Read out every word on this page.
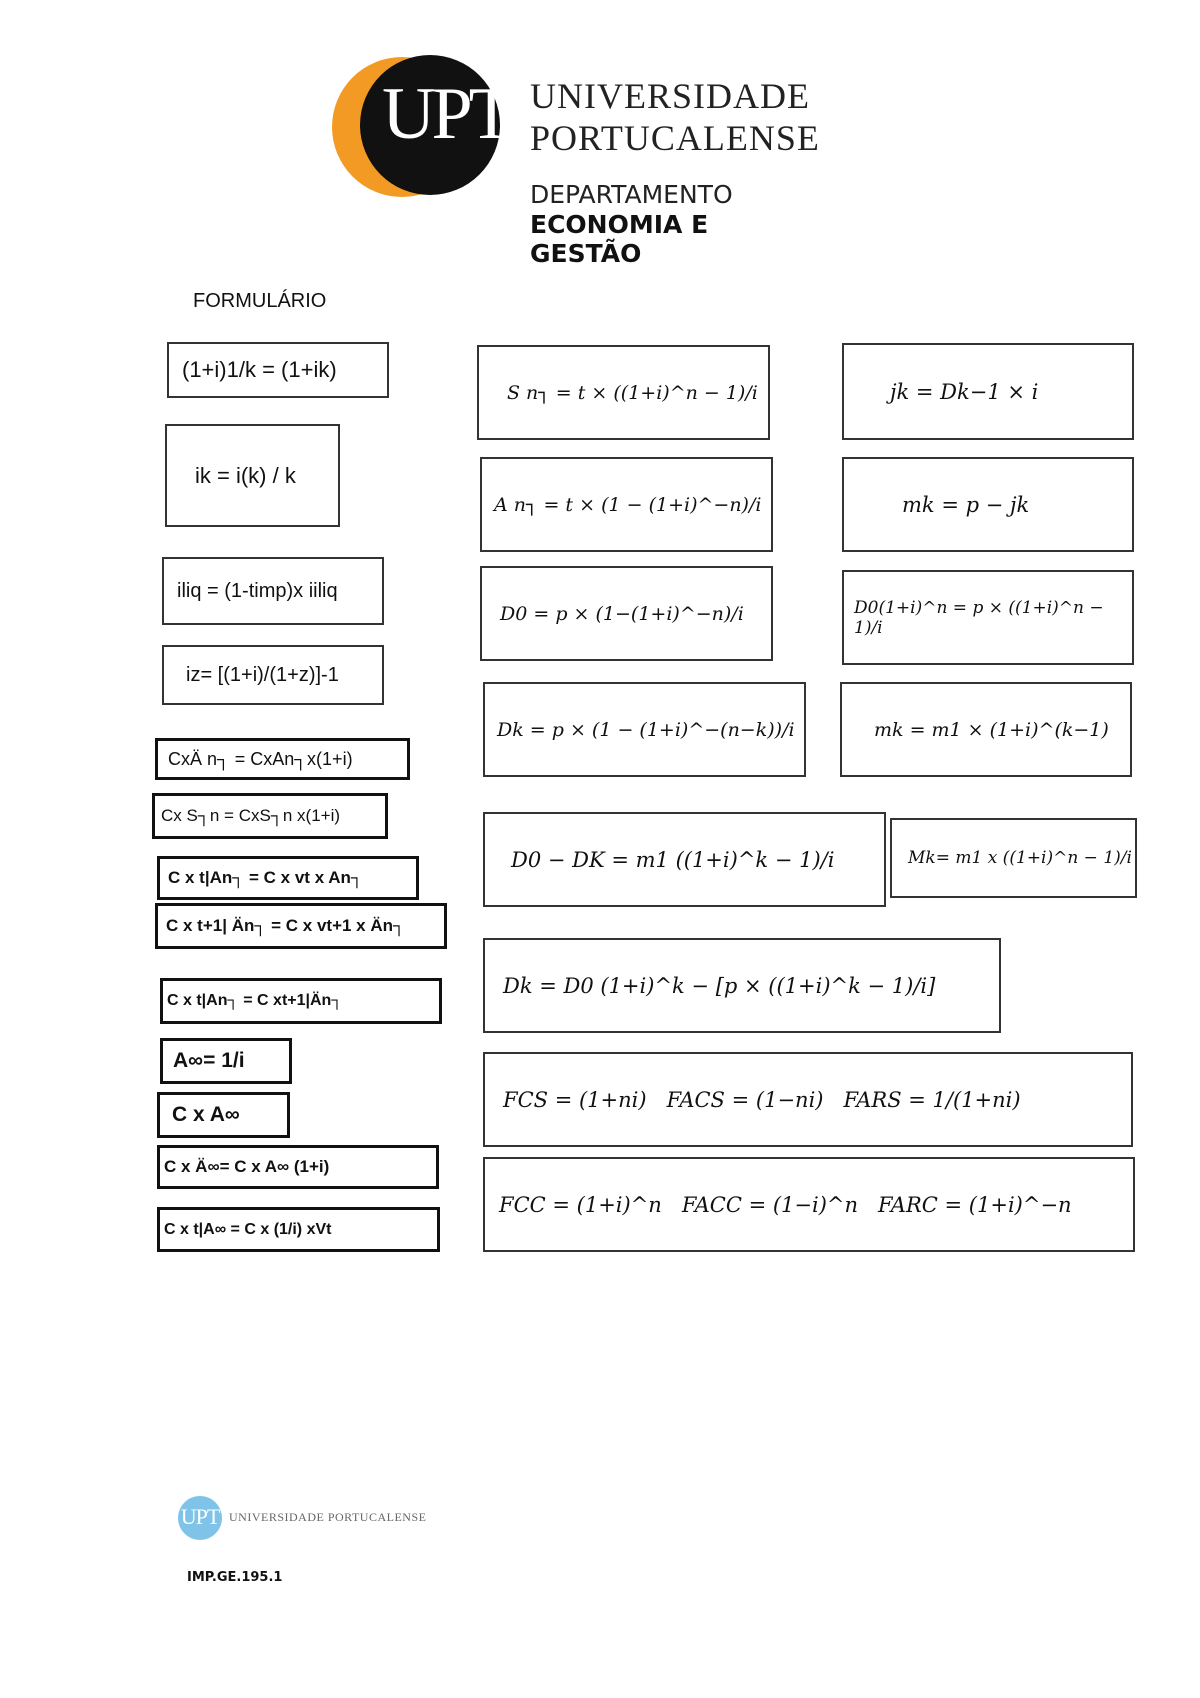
UPT UNIVERSIDADE
PORTUCALENSE
DEPARTAMENTO
ECONOMIA E GESTÃO
FORMULÁRIO
(1+i)1/k = (1+ik)
ik = i(k) / k
iliq = (1-timp)x iiliq
iz= [(1+i)/(1+z)]-1
CxÄ n┐ = CxAn┐x(1+i)
Cx S┐n = CxS┐n x(1+i)
C x t|An┐ = C x vt x An┐
C x t+1| Än┐ = C x vt+1 x Än┐
C x t|An┐ = C xt+1|Än┐
A∞= 1/i
C x A∞
C x Ä∞= C x A∞ (1+i)
C x t|A∞ = C x (1/i) xVt
S n┐ = t × ((1+i)^n − 1)/i
A n┐ = t × (1 − (1+i)^−n)/i
D0 = p × (1−(1+i)^−n)/i
Dk = p × (1 − (1+i)^−(n−k))/i
D0 − DK = m1 ((1+i)^k − 1)/i
Dk = D0 (1+i)^k − [p × ((1+i)^k − 1)/i]
FCS = (1+ni)   FACS = (1−ni)   FARS = 1/(1+ni)
FCC = (1+i)^n   FACC = (1−i)^n   FARC = (1+i)^−n
jk = Dk−1 × i
mk = p − jk
D0(1+i)^n = p × ((1+i)^n − 1)/i
mk = m1 × (1+i)^(k−1)
Mk= m1 x ((1+i)^n − 1)/i
UPT UNIVERSIDADE PORTUCALENSE
IMP.GE.195.1
